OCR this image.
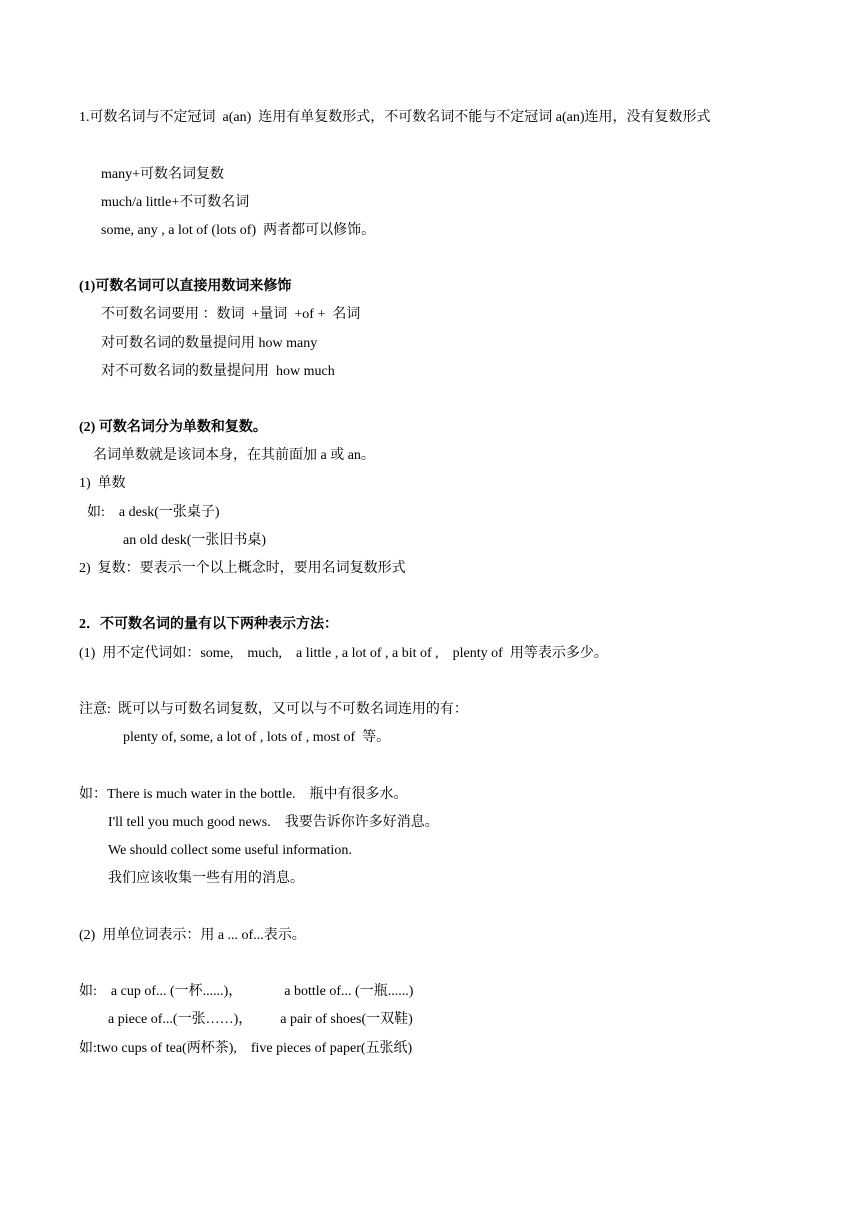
1.可数名词与不定冠词  a(an)  连用有单复数形式，不可数名词不能与不定冠词 a(an)连用，没有复数形式
many+可数名词复数
much/a little+不可数名词
some, any , a lot of (lots of)  两者都可以修饰。
(1)可数名词可以直接用数词来修饰
不可数名词要用 ：数词  +量词  +of +  名词
对可数名词的数量提问用 how many
对不可数名词的数量提问用  how much
(2) 可数名词分为单数和复数。
名词单数就是该词本身，在其前面加 a 或 an。
1)  单数
如:    a desk(一张桌子)
an old desk(一张旧书桌)
2)  复数：要表示一个以上概念时，要用名词复数形式
2．不可数名词的量有以下两种表示方法：
(1)  用不定代词如：some,    much,    a little , a lot of , a bit of ,    plenty of  用等表示多少。
注意:  既可以与可数名词复数，又可以与不可数名词连用的有：
plenty of, some, a lot of , lots of , most of  等。
如：There is much water in the bottle.    瓶中有很多水。
I'll tell you much good news.    我要告诉你许多好消息。
We should collect some useful information.
我们应该收集一些有用的消息。
(2)  用单位词表示：用 a ... of...表示。
如:    a cup of... (一杯......)，            a bottle of... (一瓶......)
a piece of...(一张……)，        a pair of shoes(一双鞋)
如:two cups of tea(两杯茶),    five pieces of paper(五张纸)
